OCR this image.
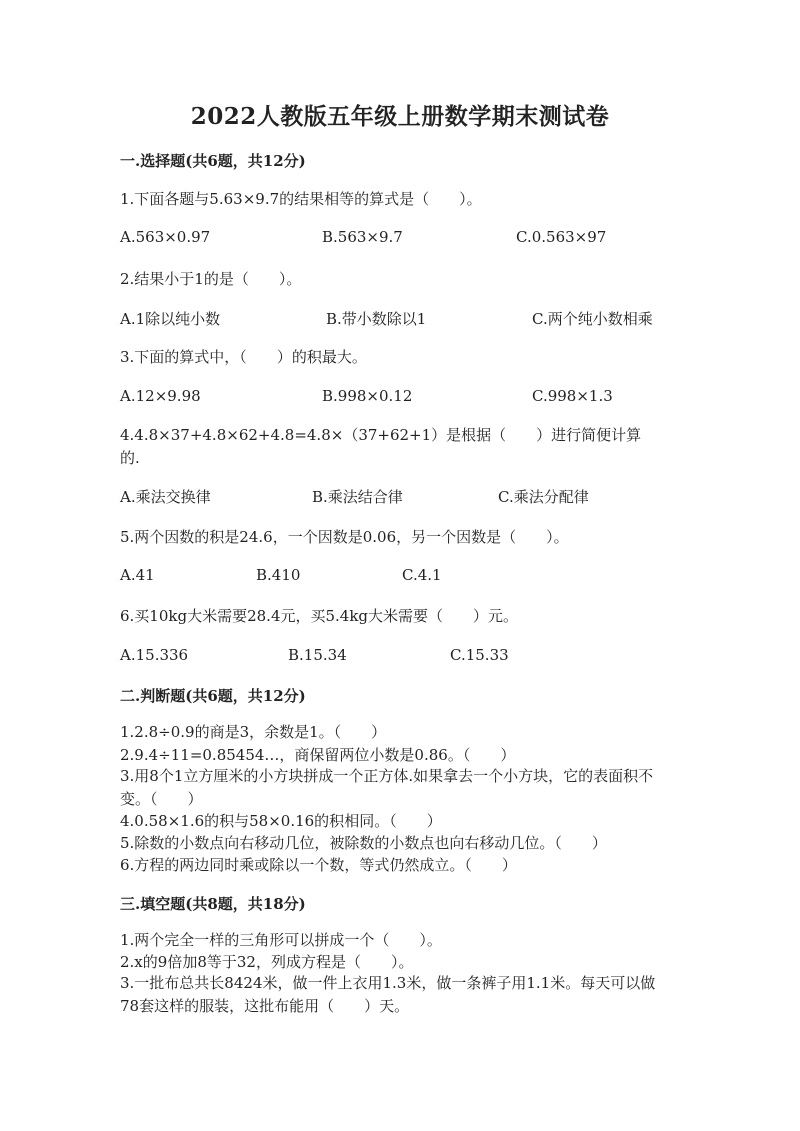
2022人教版五年级上册数学期末测试卷
一.选择题(共6题，共12分)
1.下面各题与5.63×9.7的结果相等的算式是（　　）。
A.563×0.97	B.563×9.7	C.0.563×97
2.结果小于1的是（　　）。
A.1除以纯小数	B.带小数除以1	C.两个纯小数相乘
3.下面的算式中，（　　）的积最大。
A.12×9.98	B.998×0.12	C.998×1.3
4.4.8×37+4.8×62+4.8=4.8×（37+62+1）是根据（　　）进行简便计算的.
A.乘法交换律	B.乘法结合律	C.乘法分配律
5.两个因数的积是24.6，一个因数是0.06，另一个因数是（　　）。
A.41	B.410	C.4.1
6.买10kg大米需要28.4元，买5.4kg大米需要（　　）元。
A.15.336	B.15.34	C.15.33
二.判断题(共6题，共12分)
1.2.8÷0.9的商是3，余数是1。（　　）
2.9.4÷11=0.85454…，商保留两位小数是0.86。（　　）
3.用8个1立方厘米的小方块拼成一个正方体.如果拿去一个小方块，它的表面积不变。（　　）
4.0.58×1.6的积与58×0.16的积相同。（　　）
5.除数的小数点向右移动几位，被除数的小数点也向右移动几位。（　　）
6.方程的两边同时乘或除以一个数，等式仍然成立。（　　）
三.填空题(共8题，共18分)
1.两个完全一样的三角形可以拼成一个（　　）。
2.x的9倍加8等于32，列成方程是（　　）。
3.一批布总共长8424米，做一件上衣用1.3米，做一条裤子用1.1米。每天可以做78套这样的服装，这批布能用（　　）天。
